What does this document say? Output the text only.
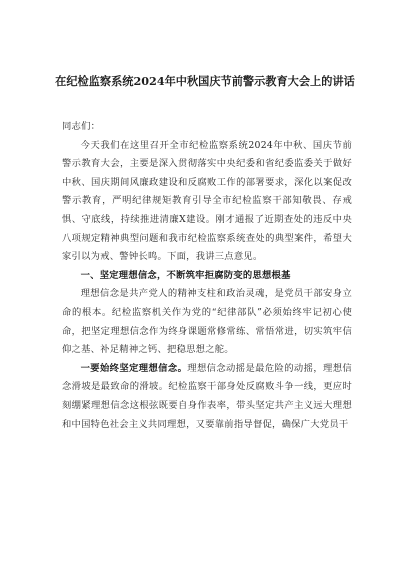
在纪检监察系统2024年中秋国庆节前警示教育大会上的讲话

同志们：

今天我们在这里召开全市纪检监察系统2024年中秋、国庆节前警示教育大会，主要是深入贯彻落实中央纪委和省纪委监委关于做好中秋、国庆期间风廉政建设和反腐败工作的部署要求，深化以案促改警示教育，严明纪律规矩教育引导全市纪检监察干部知敬畏、存戒惧、守底线，持续推进清廉X建设。刚才通报了近期查处的违反中央八项规定精神典型问题和我市纪检监察系统查处的典型案件，希望大家引以为戒、警钟长鸣。下面，我讲三点意见。

一、坚定理想信念，不断筑牢拒腐防变的思想根基

理想信念是共产党人的精神支柱和政治灵魂，是党员干部安身立命的根本。纪检监察机关作为党的“纪律部队”必须始终牢记初心使命，把坚定理想信念作为终身课题常修常练、常悟常进，切实筑牢信仰之基、补足精神之钙、把稳思想之舵。

一要始终坚定理想信念。理想信念动摇是最危险的动摇，理想信念滑坡是最致命的滑坡。纪检监察干部身处反腐败斗争一线，更应时刻绷紧理想信念这根弦既要自身作表率，带头坚定共产主义远大理想和中国特色社会主义共同理想，又要靠前指导督促，确保广大党员干
